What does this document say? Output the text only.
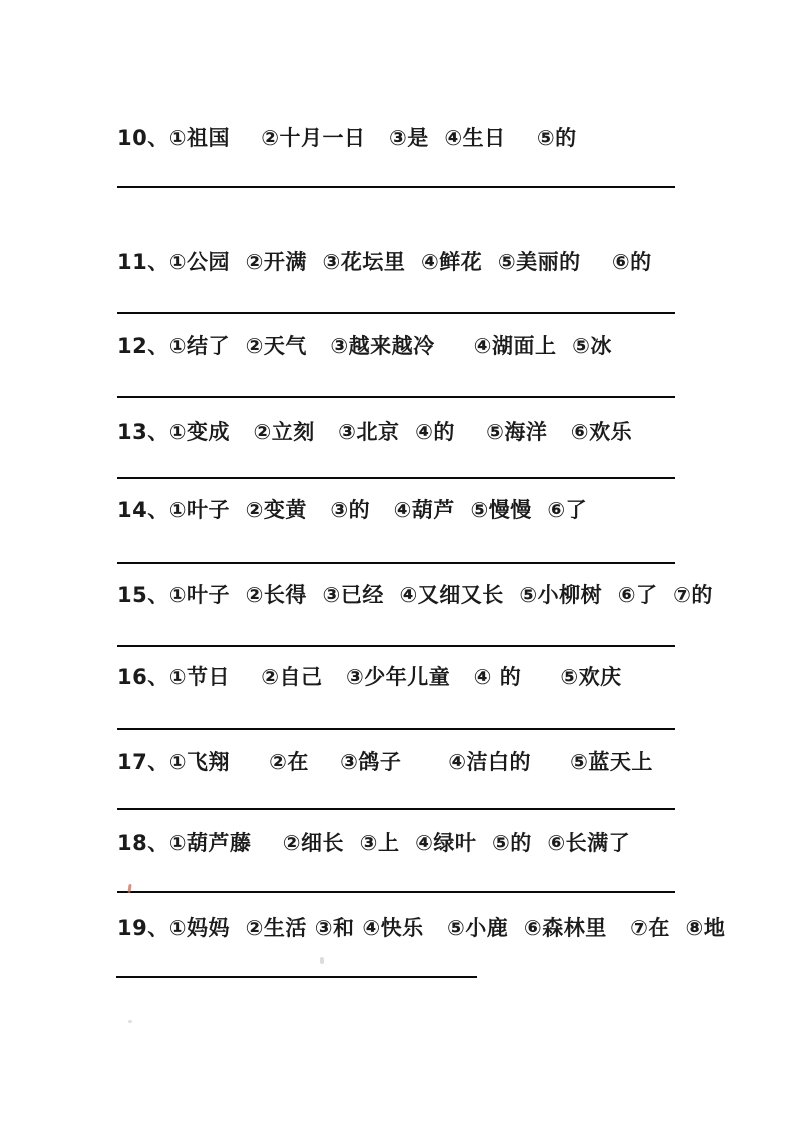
10、①祖国    ②十月一日   ③是  ④生日    ⑤的
11、①公园  ②开满  ③花坛里  ④鲜花  ⑤美丽的    ⑥的
12、①结了  ②天气   ③越来越冷     ④湖面上  ⑤冰
13、①变成   ②立刻   ③北京  ④的    ⑤海洋   ⑥欢乐
14、①叶子  ②变黄   ③的   ④葫芦  ⑤慢慢  ⑥了
15、①叶子  ②长得  ③已经  ④又细又长  ⑤小柳树  ⑥了  ⑦的
16、①节日    ②自己   ③少年儿童   ④ 的     ⑤欢庆
17、①飞翔     ②在    ③鸽子      ④洁白的     ⑤蓝天上
18、①葫芦藤    ②细长  ③上  ④绿叶  ⑤的  ⑥长满了
19、①妈妈  ②生活 ③和 ④快乐   ⑤小鹿  ⑥森林里   ⑦在  ⑧地
